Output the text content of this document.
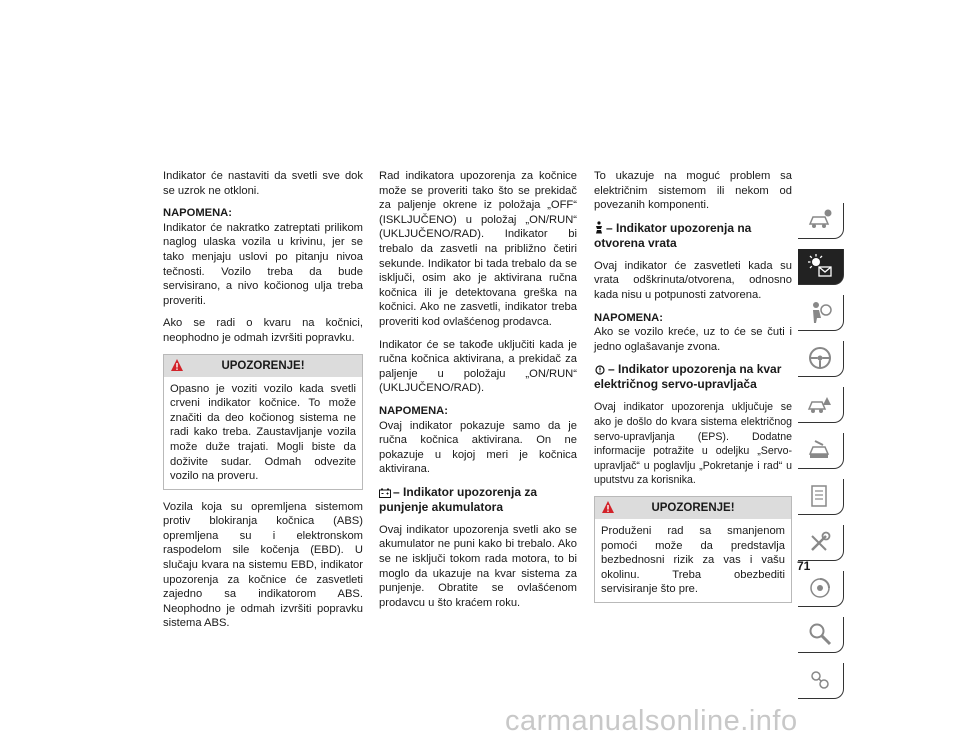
Indikator će nastaviti da svetli sve dok se uzrok ne otkloni.

NAPOMENA:
Indikator će nakratko zatreptati prilikom naglog ulaska vozila u krivinu, jer se tako menjaju uslovi po pitanju nivoa tečnosti. Vozilo treba da bude servisirano, a nivo kočionog ulja treba proveriti.

Ako se radi o kvaru na kočnici, neophodno je odmah izvršiti popravku.

UPOZORENJE!

Opasno je voziti vozilo kada svetli crveni indikator kočnice. To može značiti da deo kočionog sistema ne radi kako treba. Zaustavljanje vozila može duže trajati. Mogli biste da doživite sudar. Odmah odvezite vozilo na proveru.

Vozila koja su opremljena sistemom protiv blokiranja kočnica (ABS) opremljena su i elektronskom raspodelom sile kočenja (EBD). U slučaju kvara na sistemu EBD, indikator upozorenja za kočnice će zasvetleti zajedno sa indikatorom ABS. Neophodno je odmah izvršiti popravku sistema ABS.

Rad indikatora upozorenja za kočnice može se proveriti tako što se prekidač za paljenje okrene iz položaja „OFF“ (ISKLJUČENO) u položaj „ON/RUN“ (UKLJUČENO/RAD). Indikator bi trebalo da zasvetli na približno četiri sekunde. Indikator bi tada trebalo da se isključi, osim ako je aktivirana ručna kočnica ili je detektovana greška na kočnici. Ako ne zasvetli, indikator treba proveriti kod ovlašćenog prodavca.

Indikator će se takođe uključiti kada je ručna kočnica aktivirana, a prekidač za paljenje u položaju „ON/RUN“ (UKLJUČENO/RAD).

NAPOMENA:
Ovaj indikator pokazuje samo da je ručna kočnica aktivirana. On ne pokazuje u kojoj meri je kočnica aktivirana.

– Indikator upozorenja za punjenje akumulatora

Ovaj indikator upozorenja svetli ako se akumulator ne puni kako bi trebalo. Ako se ne isključi tokom rada motora, to bi moglo da ukazuje na kvar sistema za punjenje. Obratite se ovlašćenom prodavcu u što kraćem roku.

To ukazuje na moguć problem sa električnim sistemom ili nekom od povezanih komponenti.

– Indikator upozorenja na otvorena vrata

Ovaj indikator će zasvetleti kada su vrata odškrinuta/otvorena, odnosno kada nisu u potpunosti zatvorena.

NAPOMENA:
Ako se vozilo kreće, uz to će se čuti i jedno oglašavanje zvona.

– Indikator upozorenja na kvar električnog servo-upravljača

Ovaj indikator upozorenja uključuje se ako je došlo do kvara sistema električnog servo-upravljanja (EPS). Dodatne informacije potražite u odeljku „Servo-upravljač“ u poglavlju „Pokretanje i rad“ u uputstvu za korisnika.

UPOZORENJE!

Produženi rad sa smanjenom pomoći može da predstavlja bezbednosni rizik za vas i vašu okolinu. Treba obezbediti servisiranje što pre.

71
carmanualsonline.info
